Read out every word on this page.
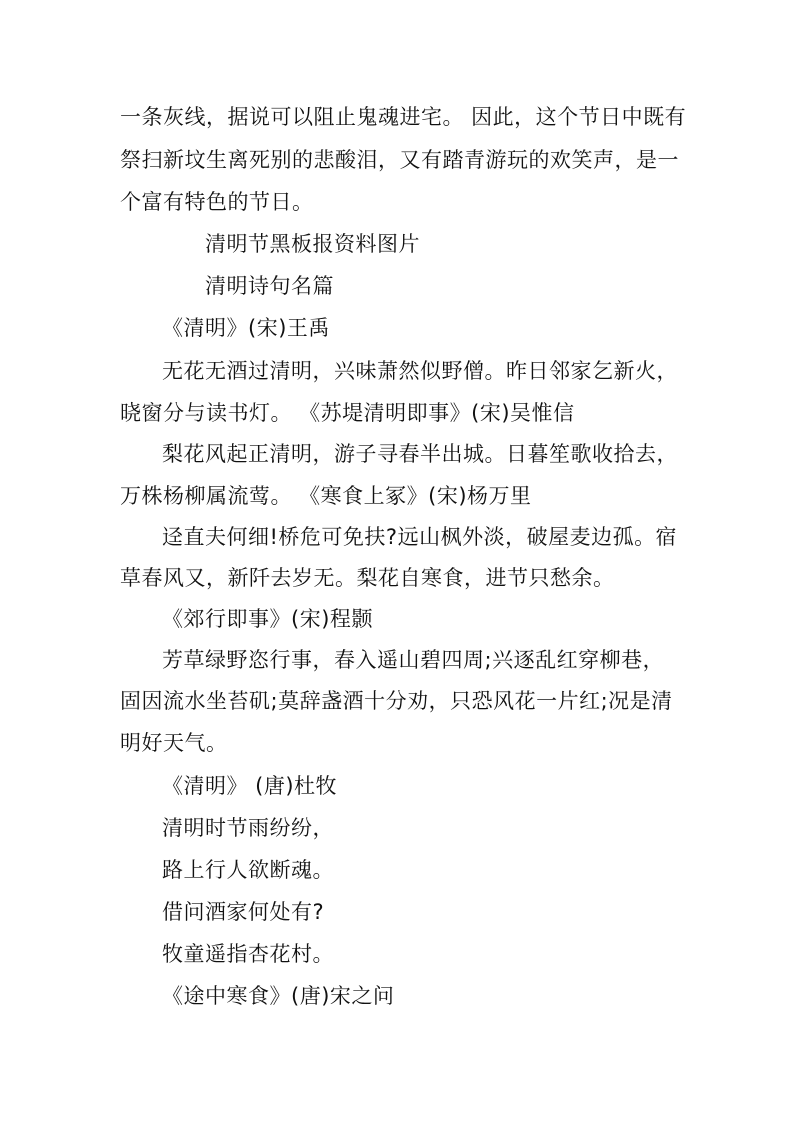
一条灰线，据说可以阻止鬼魂进宅。 因此，这个节日中既有
祭扫新坟生离死别的悲酸泪，又有踏青游玩的欢笑声，是一
个富有特色的节日。
清明节黑板报资料图片
清明诗句名篇
《清明》(宋)王禹
无花无酒过清明，兴味萧然似野僧。昨日邻家乞新火，
晓窗分与读书灯。 《苏堤清明即事》(宋)吴惟信
梨花风起正清明，游子寻春半出城。日暮笙歌收拾去，
万株杨柳属流莺。 《寒食上冢》(宋)杨万里
迳直夫何细!桥危可免扶?远山枫外淡，破屋麦边孤。宿
草春风又，新阡去岁无。梨花自寒食，进节只愁余。
《郊行即事》(宋)程颢
芳草绿野恣行事，春入遥山碧四周;兴逐乱红穿柳巷，
固因流水坐苔矶;莫辞盏酒十分劝，只恐风花一片红;况是清
明好天气。
《清明》 (唐)杜牧
清明时节雨纷纷，
路上行人欲断魂。
借问酒家何处有?
牧童遥指杏花村。
《途中寒食》(唐)宋之问
